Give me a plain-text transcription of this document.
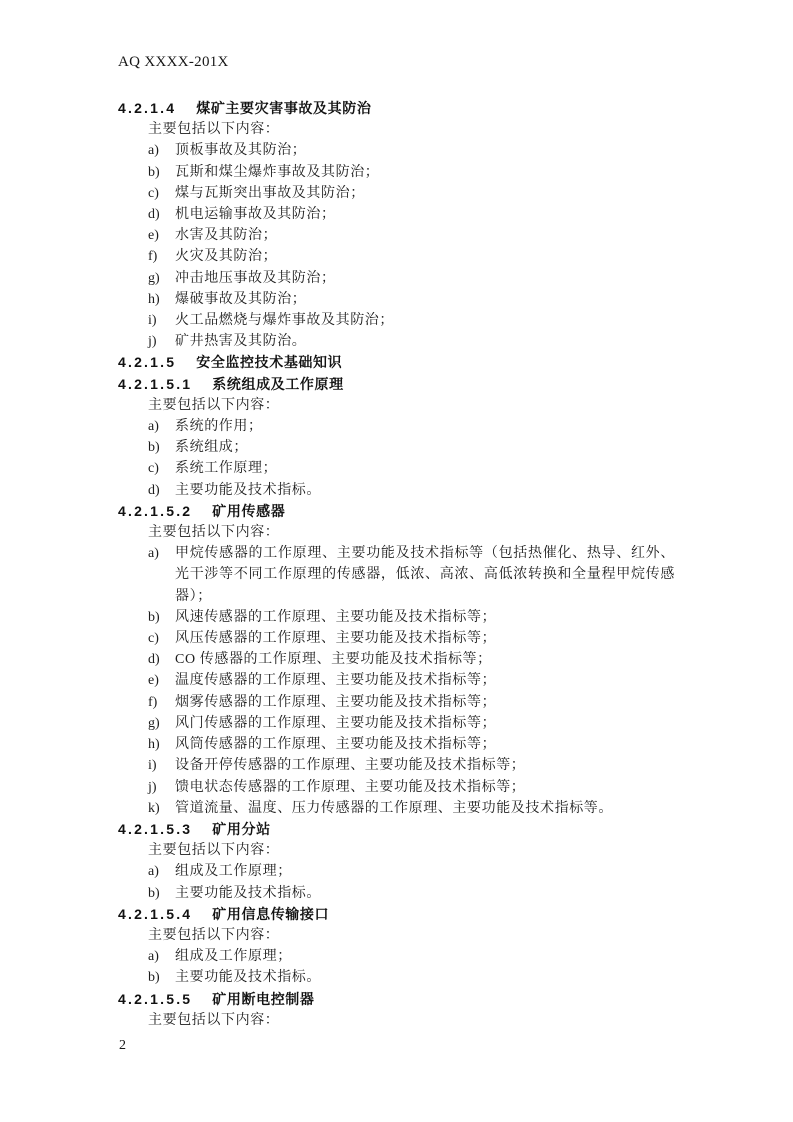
AQ XXXX-201X
4.2.1.4 煤矿主要灾害事故及其防治
主要包括以下内容：
a)	顶板事故及其防治；
b)	瓦斯和煤尘爆炸事故及其防治；
c)	煤与瓦斯突出事故及其防治；
d)	机电运输事故及其防治；
e)	水害及其防治；
f)	火灾及其防治；
g)	冲击地压事故及其防治；
h)	爆破事故及其防治；
i)	火工品燃烧与爆炸事故及其防治；
j)	矿井热害及其防治。
4.2.1.5 安全监控技术基础知识
4.2.1.5.1 系统组成及工作原理
主要包括以下内容：
a)	系统的作用；
b)	系统组成；
c)	系统工作原理；
d)	主要功能及技术指标。
4.2.1.5.2 矿用传感器
主要包括以下内容：
a)	甲烷传感器的工作原理、主要功能及技术指标等（包括热催化、热导、红外、光干涉等不同工作原理的传感器，低浓、高浓、高低浓转换和全量程甲烷传感器）；
b)	风速传感器的工作原理、主要功能及技术指标等；
c)	风压传感器的工作原理、主要功能及技术指标等；
d)	CO 传感器的工作原理、主要功能及技术指标等；
e)	温度传感器的工作原理、主要功能及技术指标等；
f)	烟雾传感器的工作原理、主要功能及技术指标等；
g)	风门传感器的工作原理、主要功能及技术指标等；
h)	风筒传感器的工作原理、主要功能及技术指标等；
i)	设备开停传感器的工作原理、主要功能及技术指标等；
j)	馈电状态传感器的工作原理、主要功能及技术指标等；
k)	管道流量、温度、压力传感器的工作原理、主要功能及技术指标等。
4.2.1.5.3 矿用分站
主要包括以下内容：
a)	组成及工作原理；
b)	主要功能及技术指标。
4.2.1.5.4 矿用信息传输接口
主要包括以下内容：
a)	组成及工作原理；
b)	主要功能及技术指标。
4.2.1.5.5 矿用断电控制器
主要包括以下内容：
2
